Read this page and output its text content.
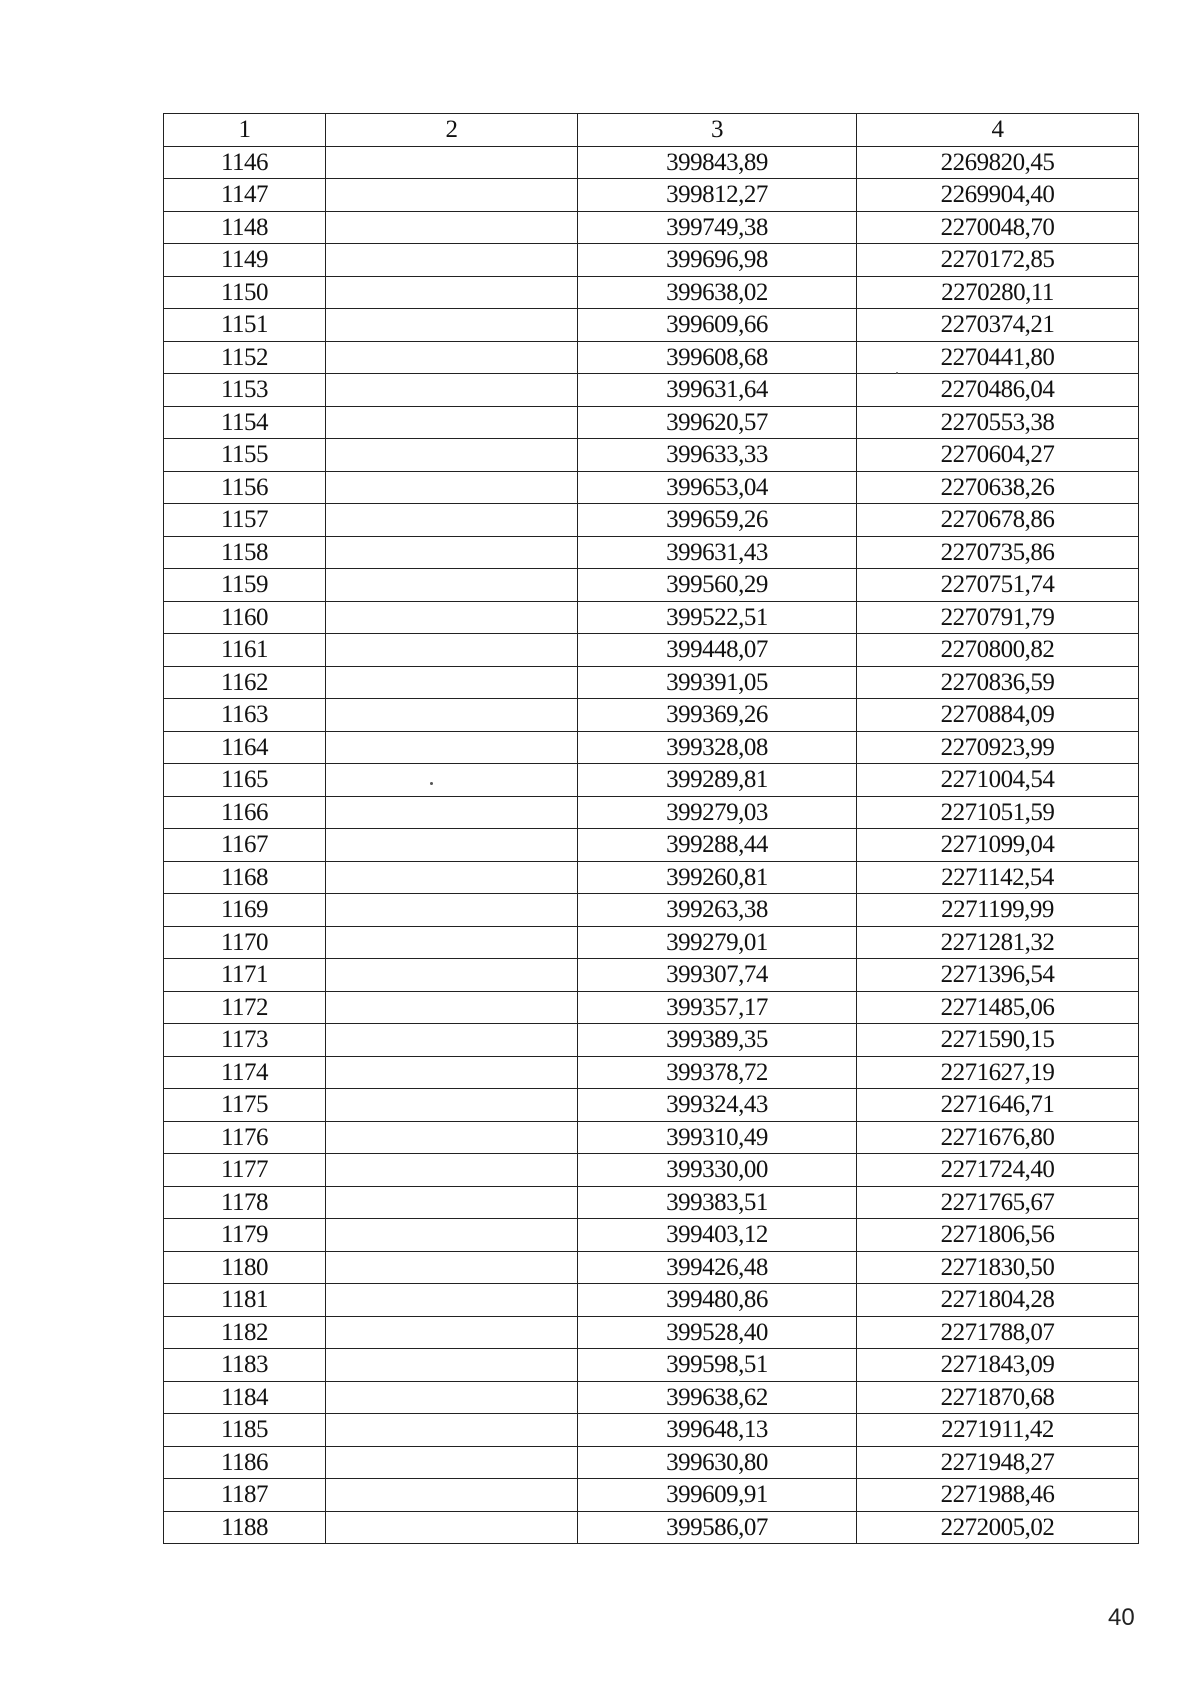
1	2	3	4
1146		399843,89	2269820,45
1147		399812,27	2269904,40
1148		399749,38	2270048,70
1149		399696,98	2270172,85
1150		399638,02	2270280,11
1151		399609,66	2270374,21
1152		399608,68	2270441,80
1153		399631,64	2270486,04
1154		399620,57	2270553,38
1155		399633,33	2270604,27
1156		399653,04	2270638,26
1157		399659,26	2270678,86
1158		399631,43	2270735,86
1159		399560,29	2270751,74
1160		399522,51	2270791,79
1161		399448,07	2270800,82
1162		399391,05	2270836,59
1163		399369,26	2270884,09
1164		399328,08	2270923,99
1165		399289,81	2271004,54
1166		399279,03	2271051,59
1167		399288,44	2271099,04
1168		399260,81	2271142,54
1169		399263,38	2271199,99
1170		399279,01	2271281,32
1171		399307,74	2271396,54
1172		399357,17	2271485,06
1173		399389,35	2271590,15
1174		399378,72	2271627,19
1175		399324,43	2271646,71
1176		399310,49	2271676,80
1177		399330,00	2271724,40
1178		399383,51	2271765,67
1179		399403,12	2271806,56
1180		399426,48	2271830,50
1181		399480,86	2271804,28
1182		399528,40	2271788,07
1183		399598,51	2271843,09
1184		399638,62	2271870,68
1185		399648,13	2271911,42
1186		399630,80	2271948,27
1187		399609,91	2271988,46
1188		399586,07	2272005,02
40
